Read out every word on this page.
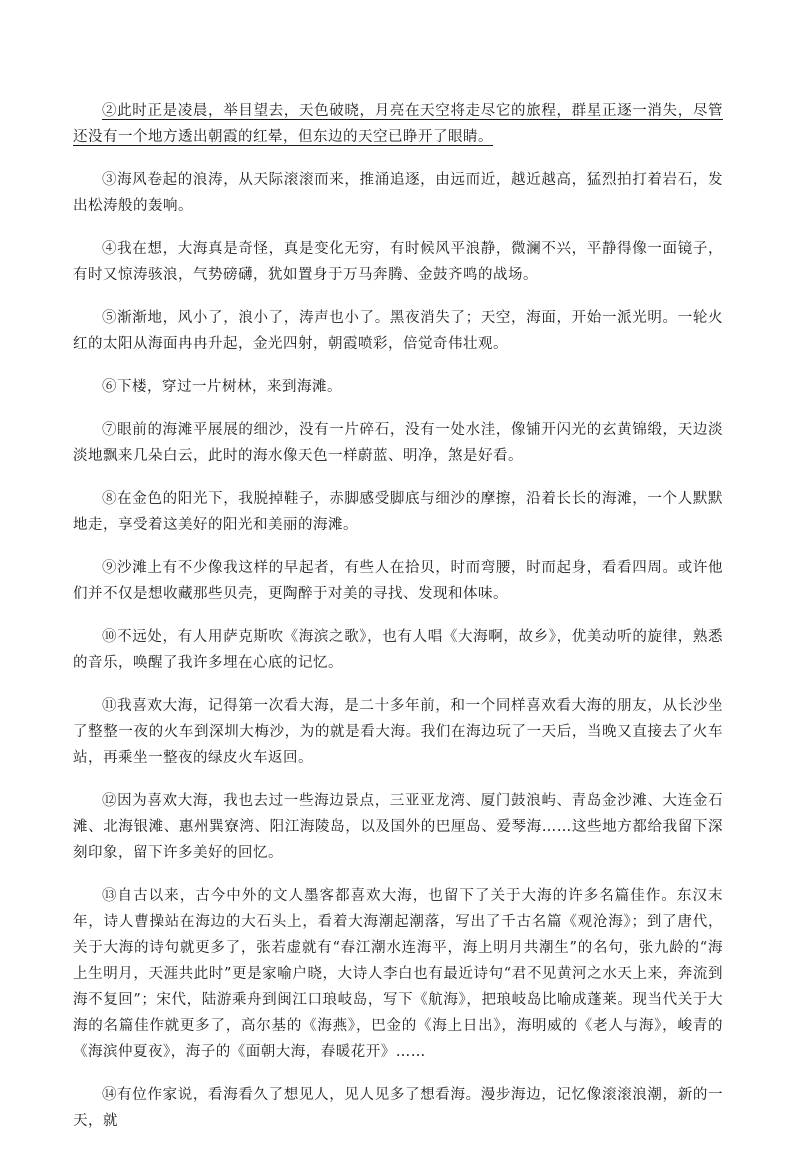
②此时正是凌晨，举目望去，天色破晓，月亮在天空将走尽它的旅程，群星正逐一消失，尽管还没有一个地方透出朝霞的红晕，但东边的天空已睁开了眼睛。

③海风卷起的浪涛，从天际滚滚而来，推涌追逐，由远而近，越近越高，猛烈拍打着岩石，发出松涛般的轰响。

④我在想，大海真是奇怪，真是变化无穷，有时候风平浪静，微澜不兴，平静得像一面镜子，有时又惊涛骇浪，气势磅礴，犹如置身于万马奔腾、金鼓齐鸣的战场。

⑤渐渐地，风小了，浪小了，涛声也小了。黑夜消失了；天空，海面，开始一派光明。一轮火红的太阳从海面冉冉升起，金光四射，朝霞喷彩，倍觉奇伟壮观。

⑥下楼，穿过一片树林，来到海滩。

⑦眼前的海滩平展展的细沙，没有一片碎石，没有一处水洼，像铺开闪光的玄黄锦缎，天边淡淡地飘来几朵白云，此时的海水像天色一样蔚蓝、明净，煞是好看。

⑧在金色的阳光下，我脱掉鞋子，赤脚感受脚底与细沙的摩擦，沿着长长的海滩，一个人默默地走，享受着这美好的阳光和美丽的海滩。

⑨沙滩上有不少像我这样的早起者，有些人在拾贝，时而弯腰，时而起身，看看四周。或许他们并不仅是想收藏那些贝壳，更陶醉于对美的寻找、发现和体味。

⑩不远处，有人用萨克斯吹《海滨之歌》，也有人唱《大海啊，故乡》，优美动听的旋律，熟悉的音乐，唤醒了我许多埋在心底的记忆。

⑪我喜欢大海，记得第一次看大海，是二十多年前，和一个同样喜欢看大海的朋友，从长沙坐了整整一夜的火车到深圳大梅沙，为的就是看大海。我们在海边玩了一天后，当晚又直接去了火车站，再乘坐一整夜的绿皮火车返回。

⑫因为喜欢大海，我也去过一些海边景点，三亚亚龙湾、厦门鼓浪屿、青岛金沙滩、大连金石滩、北海银滩、惠州巽寮湾、阳江海陵岛，以及国外的巴厘岛、爱琴海……这些地方都给我留下深刻印象，留下许多美好的回忆。

⑬自古以来，古今中外的文人墨客都喜欢大海，也留下了关于大海的许多名篇佳作。东汉末年，诗人曹操站在海边的大石头上，看着大海潮起潮落，写出了千古名篇《观沧海》；到了唐代，关于大海的诗句就更多了，张若虚就有“春江潮水连海平，海上明月共潮生”的名句，张九龄的“海上生明月，天涯共此时”更是家喻户晓，大诗人李白也有最近诗句“君不见黄河之水天上来，奔流到海不复回”；宋代，陆游乘舟到闽江口琅岐岛，写下《航海》，把琅岐岛比喻成蓬莱。现当代关于大海的名篇佳作就更多了，高尔基的《海燕》，巴金的《海上日出》，海明威的《老人与海》，峻青的《海滨仲夏夜》，海子的《面朝大海，春暖花开》……

⑭有位作家说，看海看久了想见人，见人见多了想看海。漫步海边，记忆像滚滚浪潮，新的一天，就
